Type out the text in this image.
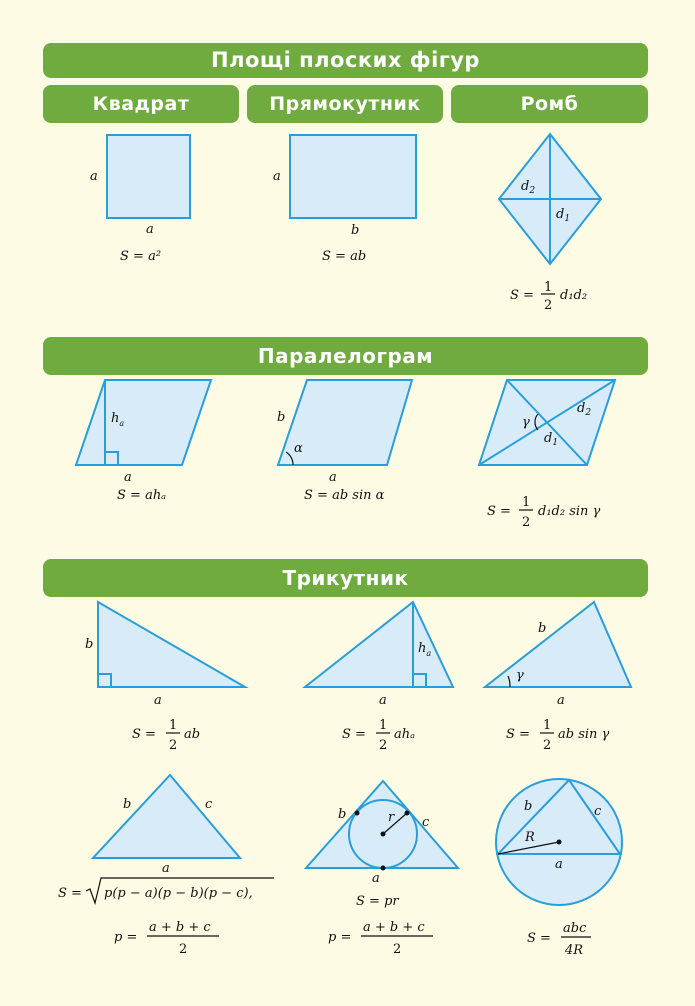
Площі плоских фігур
Квадрат	Прямокутник	Ромб
Паралелограм
Трикутник
a
a
S = a²
a
b
S = ab
$d_2$
$d_1$
S =
1
2
d₁d₂
$h_a$
a
S = ahₐ
b
α
a
S = ab sin α
γ
$d_2$
$d_1$
S =
1
2
d₁d₂ sin γ
b
a
S =
1
2
ab
$h_a$
a
S =
1
2
ahₐ
γ
b
a
S =
1
2
ab sin γ
b	c
a
S = p(p − a)(p − b)(p − c),
p =
a + b + c
2
r
b
c
a
S = pr
p =
a + b + c
2
R
b	c
a
S =
abc
4R
